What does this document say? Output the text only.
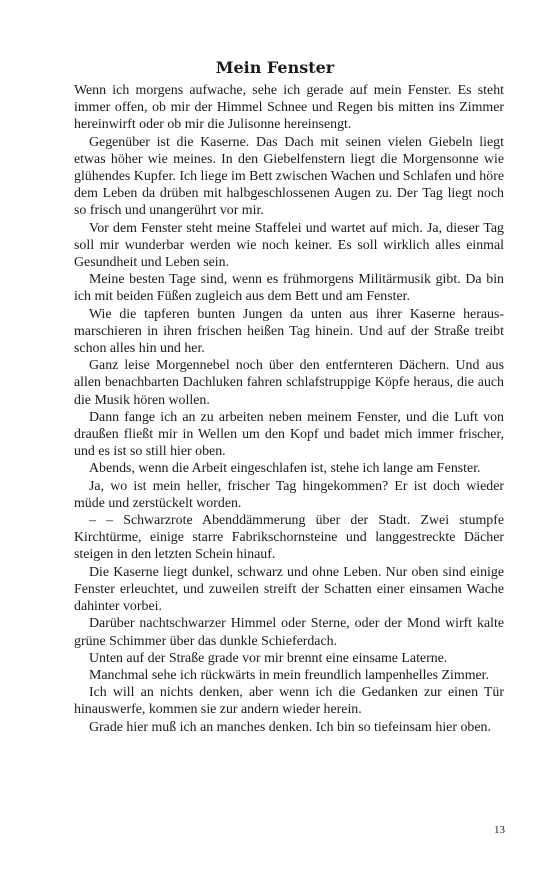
Mein Fenster

Wenn ich morgens aufwache, sehe ich gerade auf mein Fenster. Es steht immer offen, ob mir der Himmel Schnee und Regen bis mitten ins Zimmer hereinwirft oder ob mir die Julisonne hereinsengt.

Gegenüber ist die Kaserne. Das Dach mit seinen vielen Giebeln liegt etwas höher wie meines. In den Giebelfenstern liegt die Morgensonne wie glühendes Kupfer. Ich liege im Bett zwischen Wachen und Schlafen und höre dem Leben da drüben mit halbgeschlossenen Augen zu. Der Tag liegt noch so frisch und unangerührt vor mir.

Vor dem Fenster steht meine Staffelei und wartet auf mich. Ja, dieser Tag soll mir wunderbar werden wie noch keiner. Es soll wirklich alles einmal Gesundheit und Leben sein.

Meine besten Tage sind, wenn es frühmorgens Militärmusik gibt. Da bin ich mit beiden Füßen zugleich aus dem Bett und am Fenster.

Wie die tapferen bunten Jungen da unten aus ihrer Kaserne herausmarschieren in ihren frischen heißen Tag hinein. Und auf der Straße treibt schon alles hin und her.

Ganz leise Morgennebel noch über den entfernteren Dächern. Und aus allen benachbarten Dachluken fahren schlafstruppige Köpfe heraus, die auch die Musik hören wollen.

Dann fange ich an zu arbeiten neben meinem Fenster, und die Luft von draußen fließt mir in Wellen um den Kopf und badet mich immer frischer, und es ist so still hier oben.

Abends, wenn die Arbeit eingeschlafen ist, stehe ich lange am Fenster.

Ja, wo ist mein heller, frischer Tag hingekommen? Er ist doch wieder müde und zerstückelt worden.

– – Schwarzrote Abenddämmerung über der Stadt. Zwei stumpfe Kirchtürme, einige starre Fabrikschornsteine und langgestreckte Dächer steigen in den letzten Schein hinauf.

Die Kaserne liegt dunkel, schwarz und ohne Leben. Nur oben sind einige Fenster erleuchtet, und zuweilen streift der Schatten einer einsamen Wache dahinter vorbei.

Darüber nachtschwarzer Himmel oder Sterne, oder der Mond wirft kalte grüne Schimmer über das dunkle Schieferdach.

Unten auf der Straße grade vor mir brennt eine einsame Laterne.

Manchmal sehe ich rückwärts in mein freundlich lampenhelles Zimmer.

Ich will an nichts denken, aber wenn ich die Gedanken zur einen Tür hinauswerfe, kommen sie zur andern wieder herein.

Grade hier muß ich an manches denken. Ich bin so tiefeinsam hier oben.

13
